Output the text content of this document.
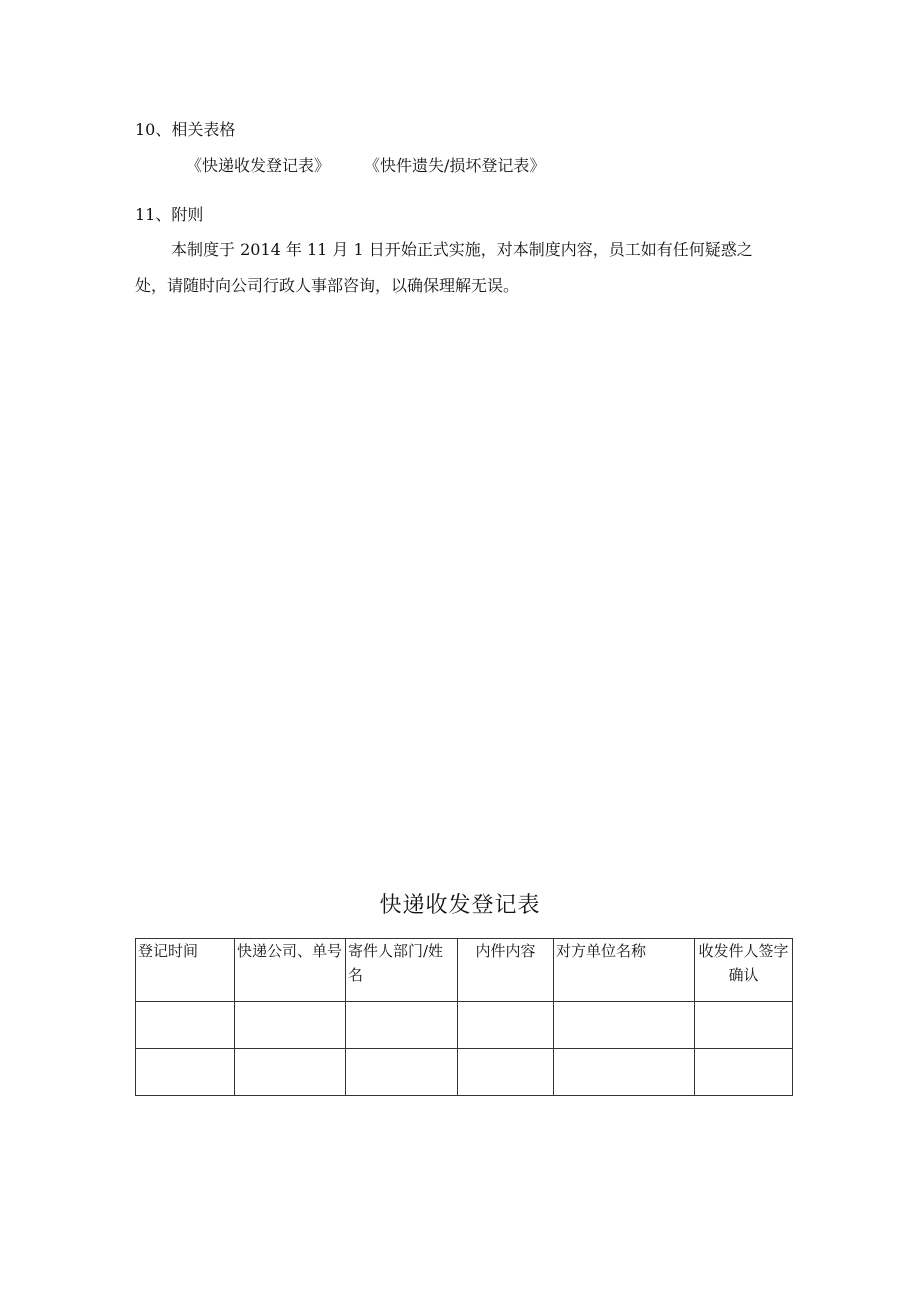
10、相关表格
《快递收发登记表》 《快件遗失/损坏登记表》
11、附则
本制度于 2014 年 11 月 1 日开始正式实施，对本制度内容，员工如有任何疑惑之
处，请随时向公司行政人事部咨询，以确保理解无误。
快递收发登记表
登记时间	快递公司、单号	寄件人部门/姓名	内件内容	对方单位名称	收发件人签字确认
